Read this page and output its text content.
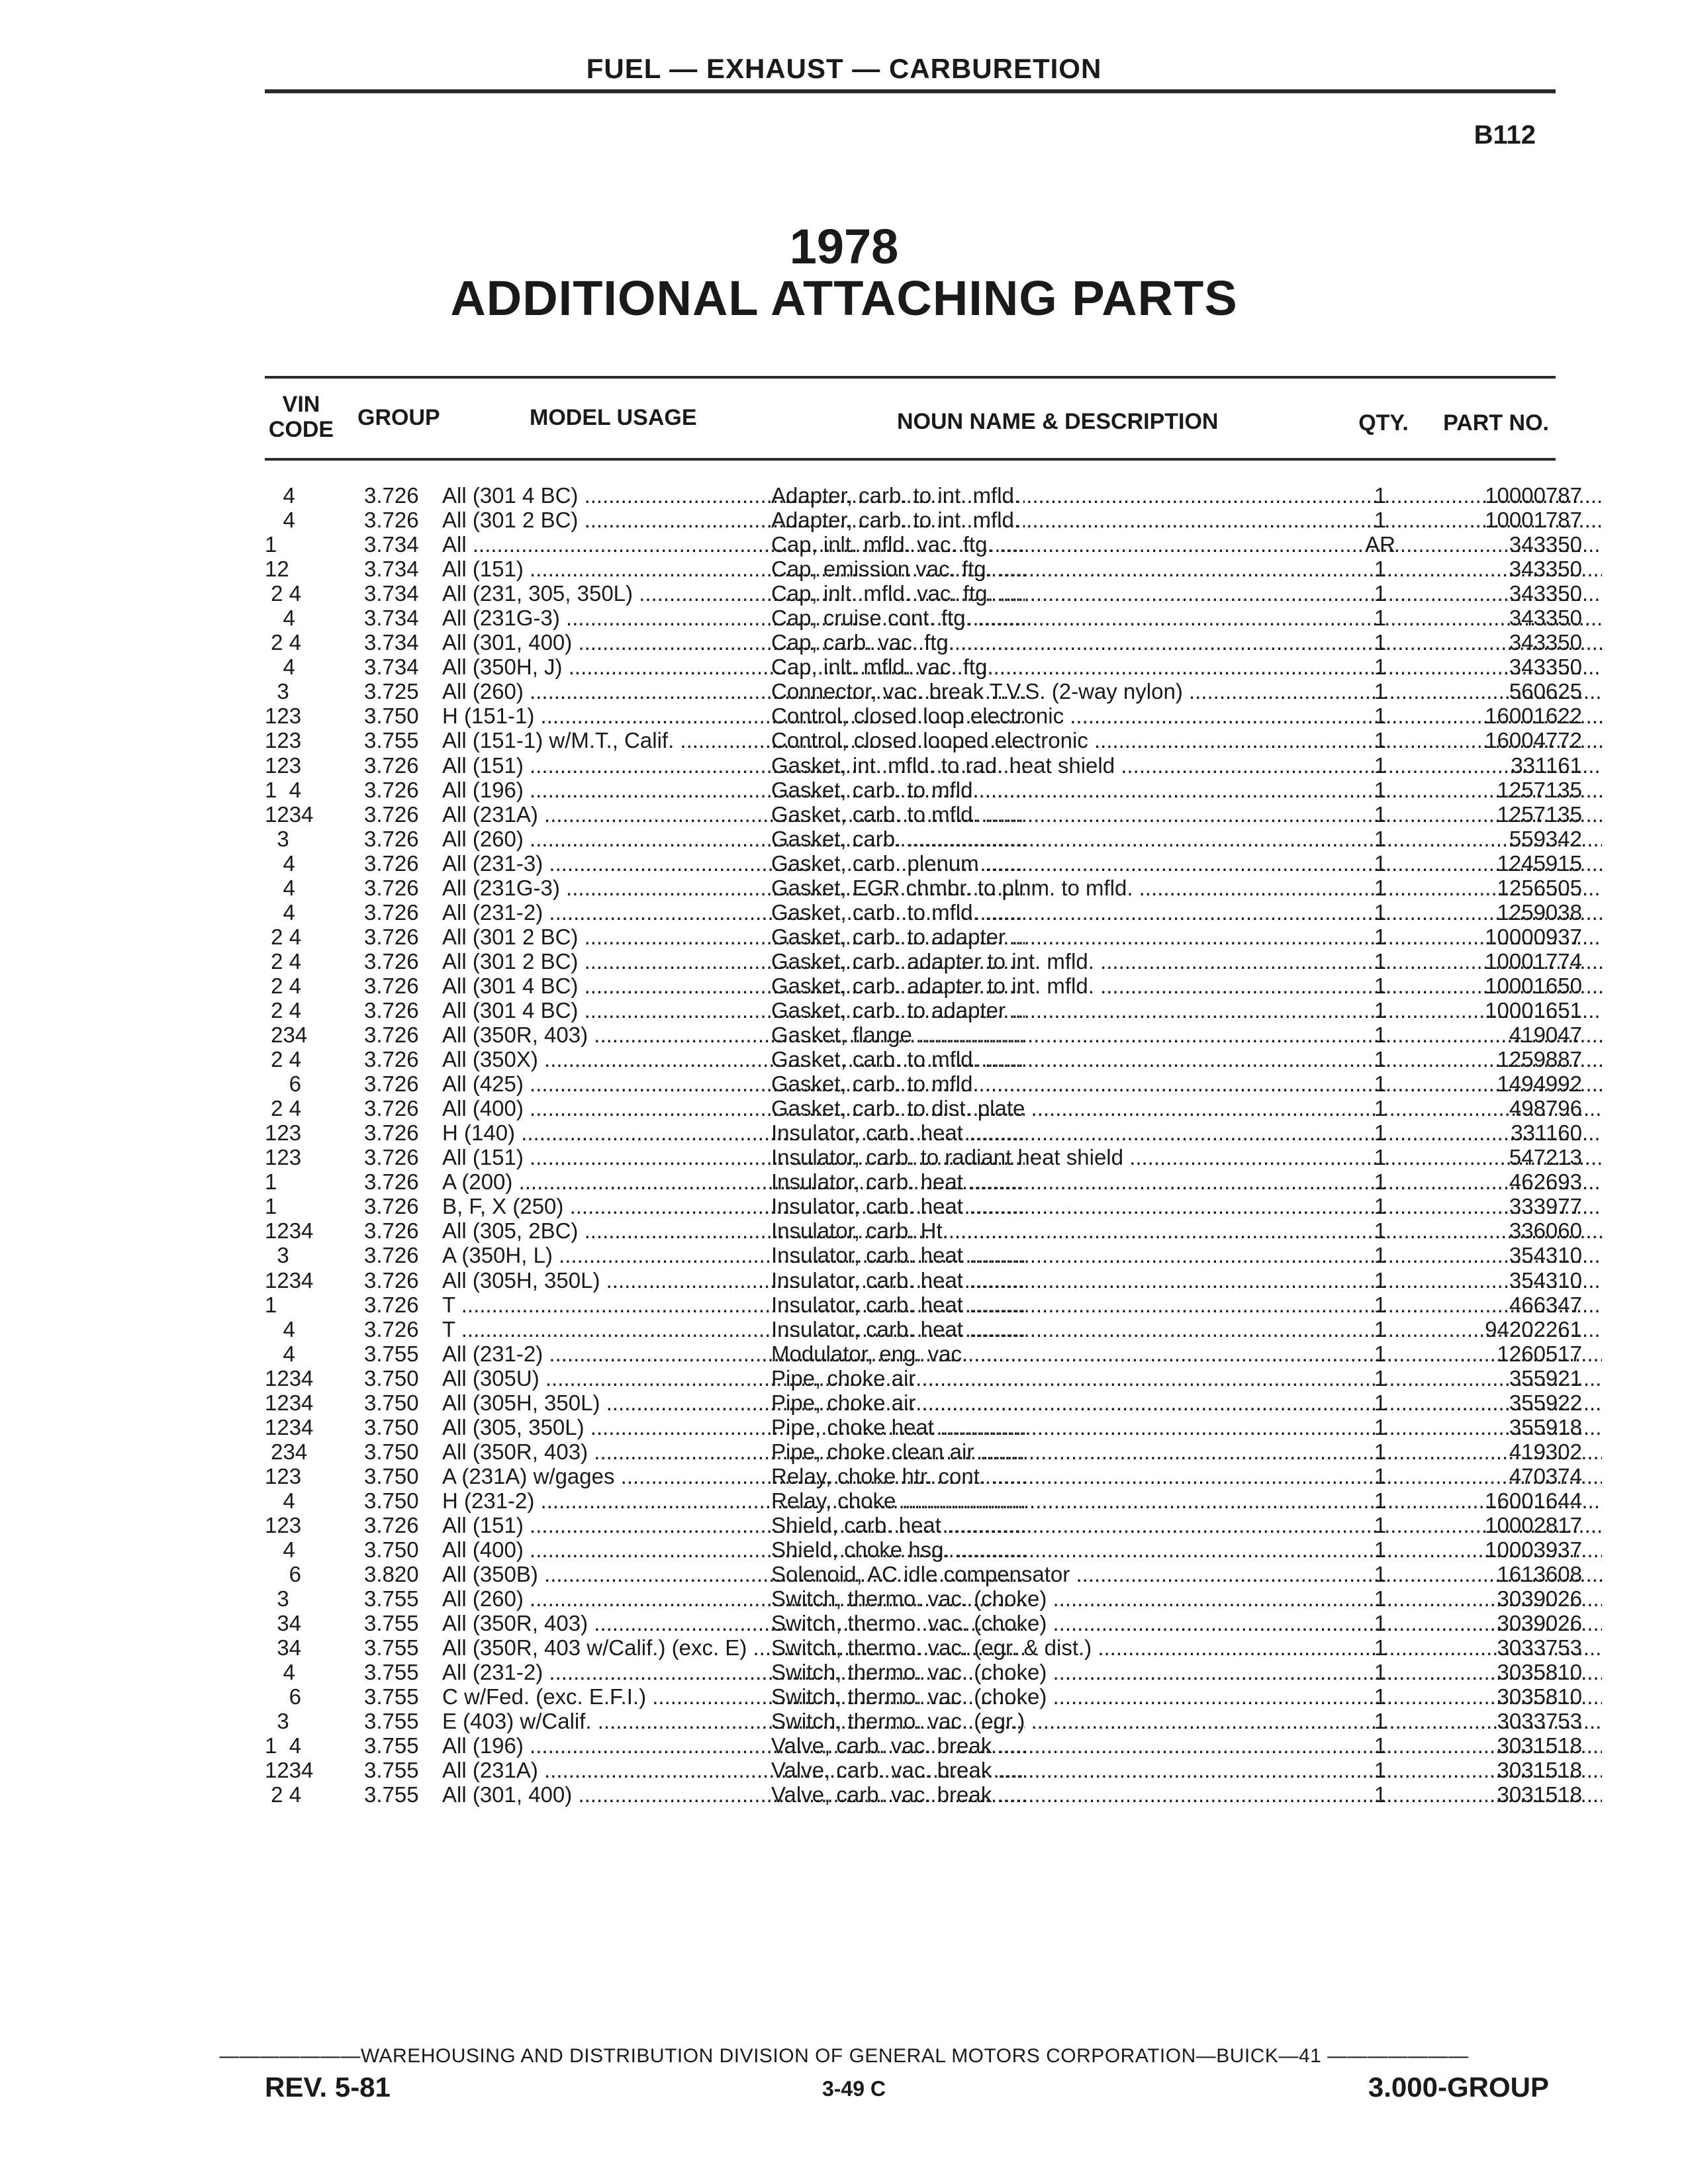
FUEL — EXHAUST — CARBURETION
B112
1978
ADDITIONAL ATTACHING PARTS
VIN
CODE GROUP	MODEL USAGE	NOUN NAME & DESCRIPTION	QTY.	PART NO.
4	3.726	All (301 4 BC) .....	Adapter, carb. to int. mfld. .....	1	10000787
4	3.726	All (301 2 BC) .....	Adapter, carb. to int. mfld. .....	1	10001787
1	3.734	All .....	Cap, inlt. mfld. vac. ftg. .....	AR	343350
12	3.734	All (151) .....	Cap, emission vac. ftg. .....	1	343350
2 4	3.734	All (231, 305, 350L) .....	Cap, inlt. mfld. vac. ftg. .....	1	343350
4	3.734	All (231G-3) .....	Cap, cruise cont. ftg. .....	1	343350
2 4	3.734	All (301, 400) .....	Cap, carb. vac. ftg. .....	1	343350
4	3.734	All (350H, J) .....	Cap, inlt. mfld. vac. ftg. .....	1	343350
3	3.725	All (260) .....	Connector, vac. break T.V.S. (2-way nylon) .....	1	560625
123	3.750	H (151-1) .....	Control, closed loop electronic .....	1	16001622
123	3.755	All (151-1) w/M.T., Calif. .....	Control, closed looped electronic .....	1	16004772
123	3.726	All (151) .....	Gasket, int. mfld. to rad. heat shield .....	1	331161
1  4	3.726	All (196) .....	Gasket, carb. to mfld. .....	1	1257135
1234	3.726	All (231A) .....	Gasket, carb. to mfld. .....	1	1257135
3	3.726	All (260) .....	Gasket, carb. .....	1	559342
4	3.726	All (231-3) .....	Gasket, carb. plenum .....	1	1245915
4	3.726	All (231G-3) .....	Gasket, EGR chmbr. to plnm. to mfld. .....	1	1256505
4	3.726	All (231-2) .....	Gasket, carb. to mfld. .....	1	1259038
2 4	3.726	All (301 2 BC) .....	Gasket, carb. to adapter .....	1	10000937
2 4	3.726	All (301 2 BC) .....	Gasket, carb. adapter to int. mfld. .....	1	10001774
2 4	3.726	All (301 4 BC) .....	Gasket, carb. adapter to int. mfld. .....	1	10001650
2 4	3.726	All (301 4 BC) .....	Gasket, carb. to adapter .....	1	10001651
234	3.726	All (350R, 403) .....	Gasket, flange .....	1	419047
2 4	3.726	All (350X) .....	Gasket, carb. to mfld. .....	1	1259887
6	3.726	All (425) .....	Gasket, carb. to mfld. .....	1	1494992
2 4	3.726	All (400) .....	Gasket, carb. to dist. plate .....	1	498796
123	3.726	H (140) .....	Insulator, carb. heat .....	1	331160
123	3.726	All (151) .....	Insulator, carb. to radiant heat shield .....	1	547213
1	3.726	A (200) .....	Insulator, carb. heat .....	1	462693
1	3.726	B, F, X (250) .....	Insulator, carb. heat .....	1	333977
1234	3.726	All (305, 2BC) .....	Insulator, carb. Ht. .....	1	336060
3	3.726	A (350H, L) .....	Insulator, carb. heat .....	1	354310
1234	3.726	All (305H, 350L) .....	Insulator, carb. heat .....	1	354310
1	3.726	T .....	Insulator, carb. heat .....	1	466347
4	3.726	T .....	Insulator, carb. heat .....	1	94202261
4	3.755	All (231-2) .....	Modulator, eng. vac. .....	1	1260517
1234	3.750	All (305U) .....	Pipe, choke air .....	1	355921
1234	3.750	All (305H, 350L) .....	Pipe, choke air .....	1	355922
1234	3.750	All (305, 350L) .....	Pipe, choke heat .....	1	355918
234	3.750	All (350R, 403) .....	Pipe, choke clean air .....	1	419302
123	3.750	A (231A) w/gages .....	Relay, choke htr. cont. .....	1	470374
4	3.750	H (231-2) .....	Relay, choke .....	1	16001644
123	3.726	All (151) .....	Shield, carb. heat .....	1	10002817
4	3.750	All (400) .....	Shield, choke hsg. .....	1	10003937
6	3.820	All (350B) .....	Solenoid, AC idle compensator .....	1	1613608
3	3.755	All (260) .....	Switch, thermo. vac. (choke) .....	1	3039026
34	3.755	All (350R, 403) .....	Switch, thermo. vac. (choke) .....	1	3039026
34	3.755	All (350R, 403 w/Calif.) (exc. E) .....	Switch, thermo. vac. (egr. & dist.) .....	1	3033753
4	3.755	All (231-2) .....	Switch, thermo. vac. (choke) .....	1	3035810
6	3.755	C w/Fed. (exc. E.F.I.) .....	Switch, thermo. vac. (choke) .....	1	3035810
3	3.755	E (403) w/Calif. .....	Switch, thermo. vac. (egr.) .....	1	3033753
1  4	3.755	All (196) .....	Valve, carb. vac. break .....	1	3031518
1234	3.755	All (231A) .....	Valve, carb. vac. break .....	1	3031518
2 4	3.755	All (301, 400) .....	Valve, carb. vac. break .....	1	3031518
———————WAREHOUSING AND DISTRIBUTION DIVISION OF GENERAL MOTORS CORPORATION—BUICK—41 ———————
REV. 5-81	3-49 C	3.000-GROUP
